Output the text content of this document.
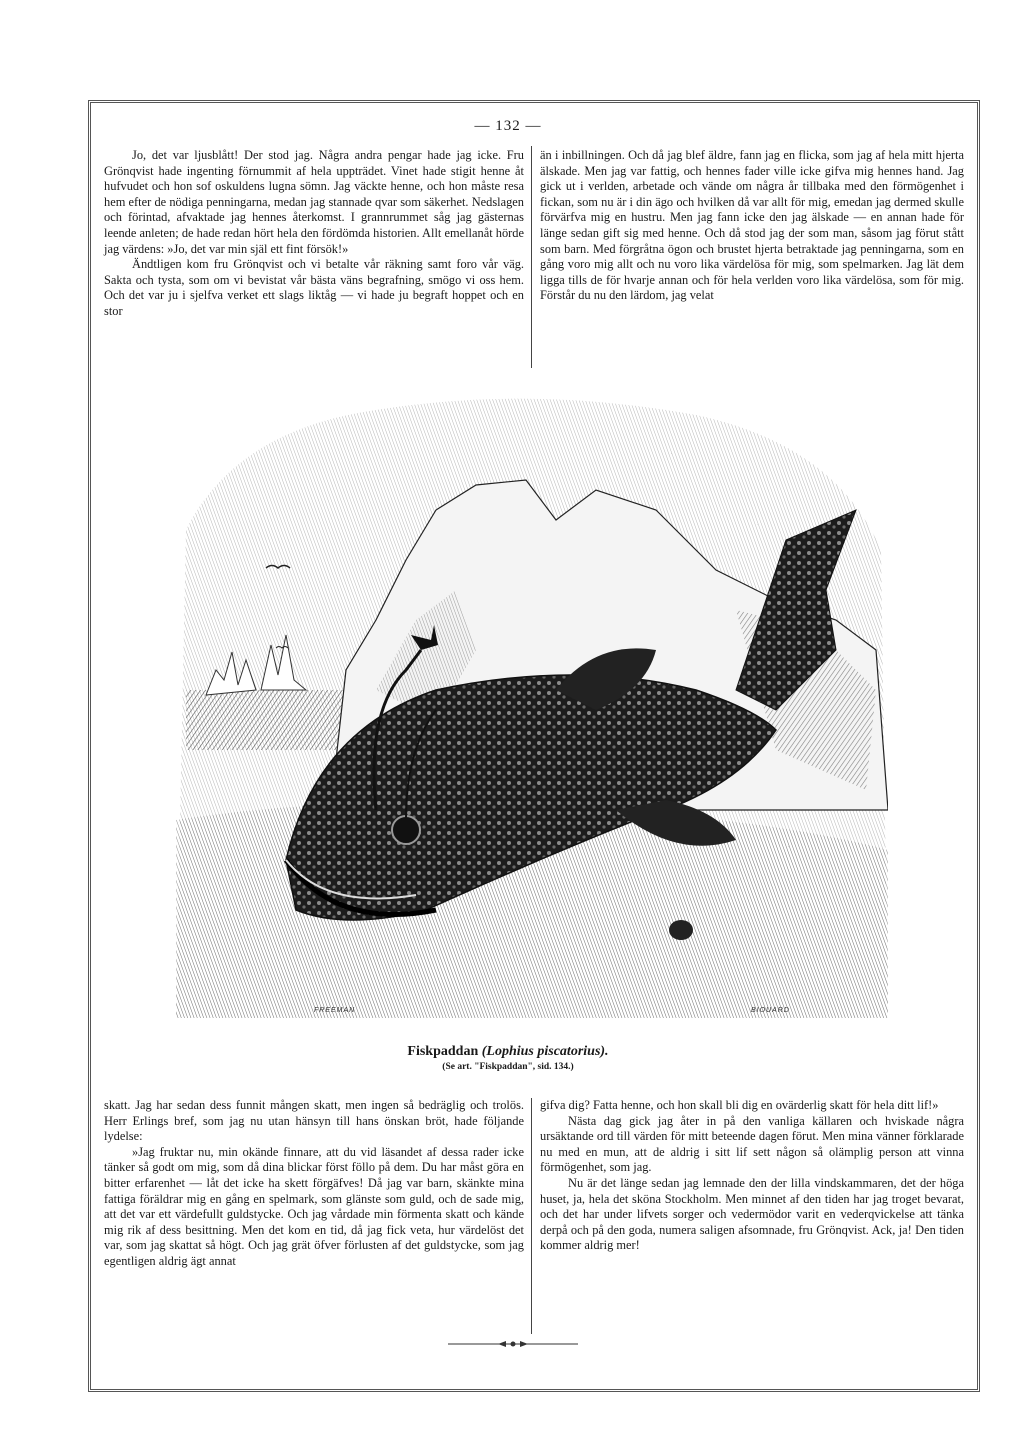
— 132 —

Jo, det var ljusblått! Der stod jag. Några andra pengar hade jag icke. Fru Grönqvist hade ingenting förnummit af hela uppträdet. Vinet hade stigit henne åt hufvudet och hon sof oskuldens lugna sömn. Jag väckte henne, och hon måste resa hem efter de nödiga penningarna, medan jag stannade qvar som säkerhet. Nedslagen och förintad, afvaktade jag hennes återkomst. I grannrummet såg jag gästernas leende anleten; de hade redan hört hela den fördömda historien. Allt emellanåt hörde jag värdens: »Jo, det var min själ ett fint försök!»

Ändtligen kom fru Grönqvist och vi betalte vår räkning samt foro vår väg. Sakta och tysta, som om vi bevistat vår bästa väns begrafning, smögo vi oss hem. Och det var ju i sjelfva verket ett slags liktåg — vi hade ju begraft hoppet och en stor

än i inbillningen. Och då jag blef äldre, fann jag en flicka, som jag af hela mitt hjerta älskade. Men jag var fattig, och hennes fader ville icke gifva mig hennes hand. Jag gick ut i verlden, arbetade och vände om några år tillbaka med den förmögenhet i fickan, som nu är i din ägo och hvilken då var allt för mig, emedan jag dermed skulle förvärfva mig en hustru. Men jag fann icke den jag älskade — en annan hade för länge sedan gift sig med henne. Och då stod jag der som man, såsom jag förut stått som barn. Med förgråtna ögon och brustet hjerta betraktade jag penningarna, som en gång voro mig allt och nu voro lika värdelösa för mig, som spelmarken. Jag lät dem ligga tills de för hvarje annan och för hela verlden voro lika värdelösa, som för mig. Förstår du nu den lärdom, jag velat

FREEMAN	BIOUARD
Fiskpaddan (Lophius piscatorius).
(Se art. "Fiskpaddan", sid. 134.)

skatt. Jag har sedan dess funnit mången skatt, men ingen så bedräglig och trolös. Herr Erlings bref, som jag nu utan hänsyn till hans önskan bröt, hade följande lydelse:

»Jag fruktar nu, min okände finnare, att du vid läsandet af dessa rader icke tänker så godt om mig, som då dina blickar först föllo på dem. Du har måst göra en bitter erfarenhet — låt det icke ha skett förgäfves! Då jag var barn, skänkte mina fattiga föräldrar mig en gång en spelmark, som glänste som guld, och de sade mig, att det var ett värdefullt guldstycke. Och jag vårdade min förmenta skatt och kände mig rik af dess besittning. Men det kom en tid, då jag fick veta, hur värdelöst det var, som jag skattat så högt. Och jag grät öfver förlusten af det guldstycke, som jag egentligen aldrig ägt annat

gifva dig? Fatta henne, och hon skall bli dig en ovärderlig skatt för hela ditt lif!»

Nästa dag gick jag åter in på den vanliga källaren och hviskade några ursäktande ord till värden för mitt beteende dagen förut. Men mina vänner förklarade nu med en mun, att de aldrig i sitt lif sett någon så olämplig person att vinna förmögenhet, som jag.

Nu är det länge sedan jag lemnade den der lilla vindskammaren, det der höga huset, ja, hela det sköna Stockholm. Men minnet af den tiden har jag troget bevarat, och det har under lifvets sorger och vedermödor varit en vederqvickelse att tänka derpå och på den goda, numera saligen afsomnade, fru Grönqvist. Ack, ja! Den tiden kommer aldrig mer!
